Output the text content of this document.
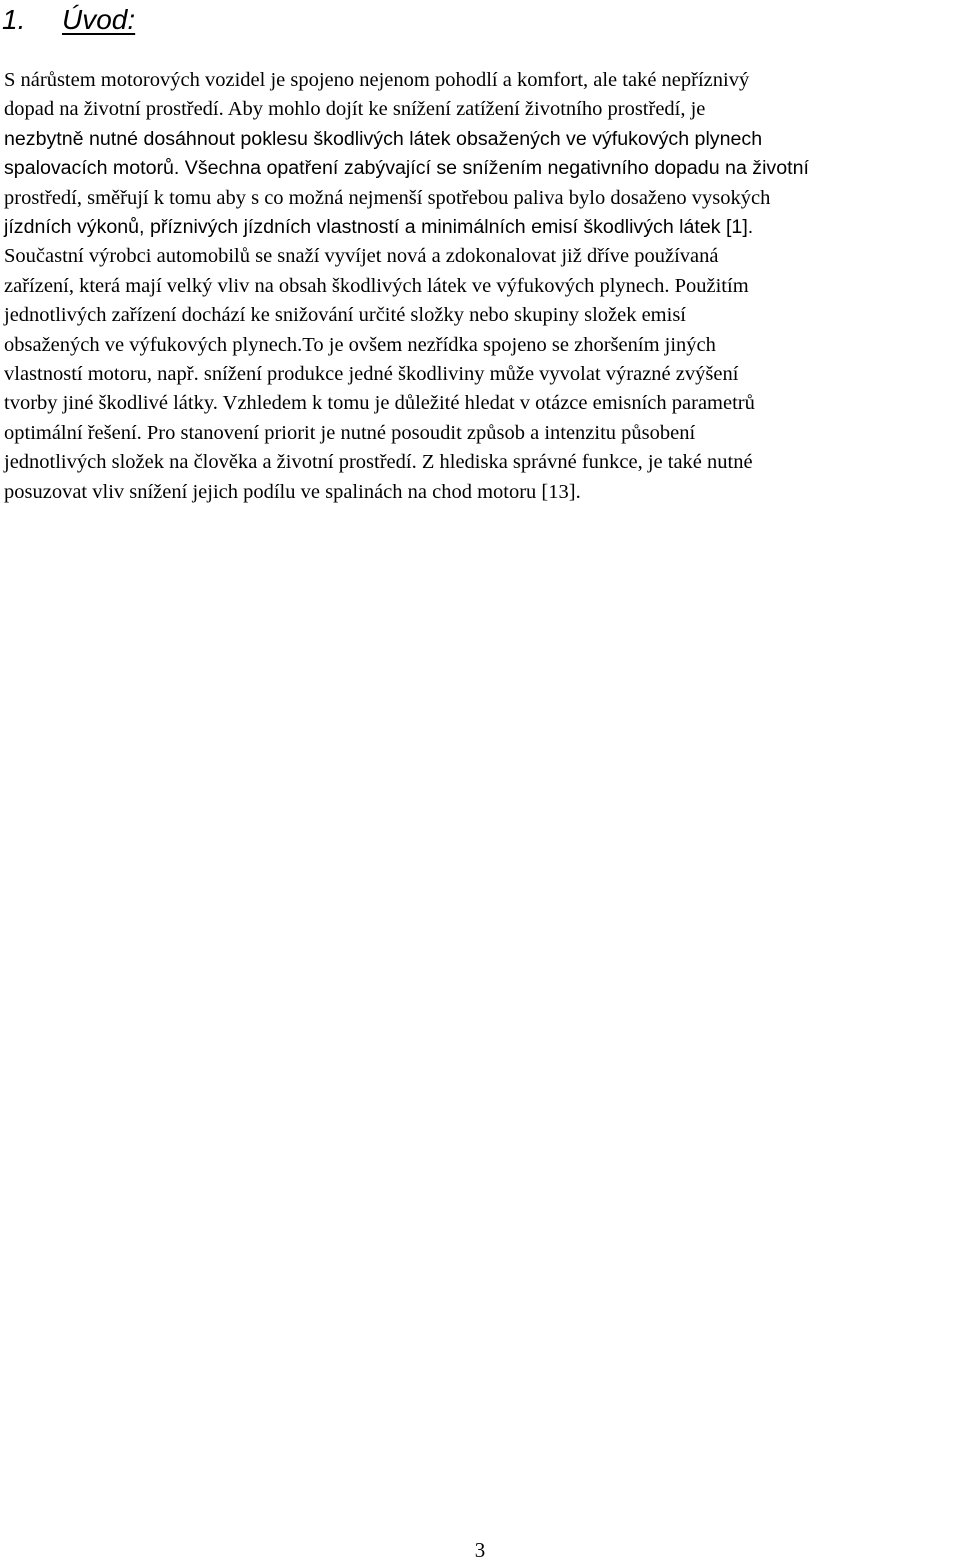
1. Úvod:

S nárůstem motorových vozidel je spojeno nejenom pohodlí a komfort, ale také nepříznivý
dopad na životní prostředí. Aby mohlo dojít ke snížení zatížení životního prostředí, je
nezbytně nutné dosáhnout poklesu škodlivých látek obsažených ve výfukových plynech
spalovacích motorů. Všechna opatření zabývající se snížením negativního dopadu na životní
prostředí, směřují k tomu aby s co možná nejmenší spotřebou paliva bylo dosaženo vysokých
jízdních výkonů, příznivých jízdních vlastností a minimálních emisí škodlivých látek [1].
Součastní výrobci automobilů se snaží vyvíjet nová a zdokonalovat již dříve používaná
zařízení, která mají velký vliv na obsah škodlivých látek ve výfukových plynech. Použitím
jednotlivých zařízení dochází ke snižování určité složky nebo skupiny složek emisí
obsažených ve výfukových plynech.To je ovšem nezřídka spojeno se zhoršením jiných
vlastností motoru, např. snížení produkce jedné škodliviny může vyvolat výrazné zvýšení
tvorby jiné škodlivé látky. Vzhledem k tomu je důležité hledat v otázce emisních parametrů
optimální řešení. Pro stanovení priorit je nutné posoudit způsob a intenzitu působení
jednotlivých složek na člověka a životní prostředí. Z hlediska správné funkce, je také nutné
posuzovat vliv snížení jejich podílu ve spalinách na chod motoru [13].

3
